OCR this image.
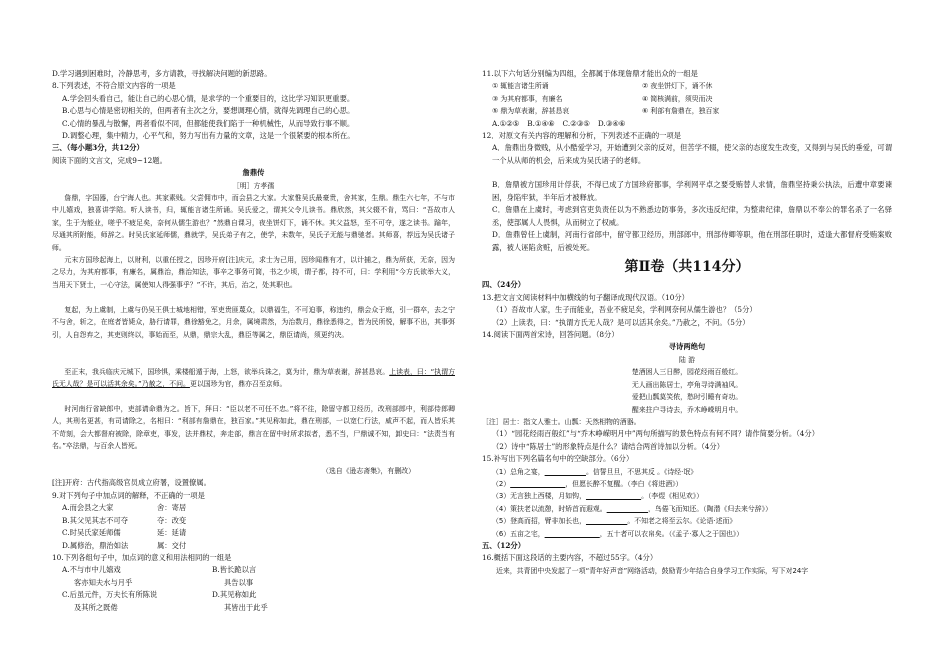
D.学习遇到困难时，冷静思考，多方请教，寻找解决问题的新思路。
8.下列表述，不符合原文内容的一项是
A.学会回头看自己，能让自己的心思心情，是求学的一个重要目的，这比学习知识更重要。
B.心思与心情是密切相关的，但两者有主次之分，要想调理心情，就得先调理自己的心思。
C.心情的暴乱与散懈，两者看似不同，但都能使我们陷于一种机械性，从而导致行事不顺。
D.调整心理，集中精力，心平气和，努力写出有力量的文章，这是一个很紧要的根本所在。
三、（每小题3分，共12分）
阅读下面的文言文，完成9~12题。
詹鼎传
［明］方孝孺
詹鼎，字国器，台宁海人也。其家素贱。父尝佣市中，而会县之大家。大家惟吴氏最豪贵，舍其家，生鼎。鼎生六七年，不与市中儿嬉戏，独喜讲学陪。听人读书，归，辄能言诸生所诵。吴氏爱之，谓其父令儿读书。鼎欣然，其父辍不肯，骂曰：“吾故市人家，生于为能业，嗟乎不疲足矣，奈何从儒生游也？”然鼎自课习，夜坐饼灯下，诵不休。其父益怒，至不可夺，遂之读书。踰年，尽通其所附能，师辞之。时吴氏家延师儒，鼎就学，吴氏弟子有之，使学，未数年，吴氏子无能与鼎驰者。其师喜，荐远为吴氏诸子师。
元末方国珍起海上，以财利，以重任授之，因珍开府[注]庆元，求士为己用，因珍闻鼎有才，以计捕之，鼎为所获，无奈，因为之尽力，为其府都事，有廉名，属鼎治，鼎治知法，事辛之事务可简，书之少顷，谓子都，持不可，曰：学利用“今方氏欲举大义，当用天下贤士，一心守法，属使知人得强事乎？”不许，其后，治之，处其职也。
复起，为上虞制，上虞与仍吴王俱士城地相错，军吏贵匪蔑众，以鼎福生，不可迫事，称违约，鼎会众于庭，引一群卒，去之宁不与舍，斩之，在庭者皆毙众，胁行请罪，鼎徐豁免之，月余，属境肃然，为治数月，鼎徐悉得之，皆为民所悦，解事不出，其事弭引，人自怨弃之，其吏则终以，事始而至，从鼎，鼎宗大乱，鼎臣等属之，鼎臣请尚，须更约决。
至正末，我兵临庆元城下，国珍惧，乘楼船遁于海，上怒，欲举兵诛之，莫为计，鼎为草表谢，辞甚恳哀。上读表，曰：“执谓方氏无人哉？是可以活其余矣。”乃赦之，不问。更以国珍为官，鼎亦召至京师。
时河南行省缺郎中，吏部请命鼎为之。旨下，拜曰：“臣以老不可任不忠。”将不往，除留守都卫经历，改刑部郎中，利部侍郎卿人，其刑名更甚，有司请除之，名相曰：“利部有詹鼎在，独百家。”其见称如此，鼎在刑部，一以宽仁行法，威声不起，而人皆乐其不苛刻，会大都督府被除，除章吏，事发，法并鼎杖，奔走部，鼎言在留中时所求拟者，悉不当，尸鼎诚不知，卸史曰：“法责当有名。”卒法鼎，与百余人皆死。
（选自《逊志斋集》，有删改）
[注]开府：古代指高级官员成立府署，设置僚属。
9.对下列句子中加点词的解释，不正确的一项是
A.而会县之大家	舍：寄居
B.其父见其志不可夺	夺：改变
C.时吴氏家延师儒	延：延请
D.属修治，鼎治如法	属：交付
10.下列各组句子中，加点词的意义和用法相同的一组是
A.不与市中儿嬉戏	B.皆长跪以言
客亦知夫水与月乎	具告以事
C.后虽元件，万夫长有所陈说	D.其见称如此
及其所之既倦	其皆出于此乎
11.以下六句话分别编为四组，全都属于体现詹鼎才能出众的一组是
① 辄能言诸生所诵	② 夜坐饼灯下，诵不休
③ 为其府都事，有廉名	④ 简核满前，须臾而决
⑤ 鼎为草表谢，辞甚恳哀	⑥ 利部有詹鼎在，独百家
A.①②⑤ B.①④⑥ C.②③⑤ D.③④⑥
12．对原文有关内容的理解和分析，下列表述不正确的一项是
A．詹鼎出身微贱，从小酷爱学习，开始遭到父亲的反对，但苦学不辍，使父亲的态度发生改变，又得到与吴氏的垂爱，可谓一个从从师的机会，后来成为吴氏诸子的老师。
B．詹鼎被方国珍用计俘获，不得已成了方国珍府都事，学利网平卓之要受贿替人求情，詹鼎坚持秉公执法，后遭中章要谏困，身陷牢狱，半年后才被释放。
C．詹鼎在上虞时，考虑到官吏负责任以为不熟悉边防事务，多次违反纪律，为整肃纪律，詹鼎以不奉公的罪名杀了一名驿丞，使部属人人畏惧，从而树立了权威。
D．詹鼎曾任上虞制，河南行省郎中，留守都卫经历，刑部郎中，刑部侍卿等职，他在刑部任职时，适逢大都督府受贿案败露，被人诬陷贪赃，后被处死。
第Ⅱ卷（共114分）
四、（24分）
13.把文言文阅读材料中加横线的句子翻译成现代汉语。（10分）
（1）吾故市人家，生子而能业，吾业不疲足矣，学利网奈何从儒生游也？（5分）
（2）上读表，曰：“执谓方氏无人哉？是可以活其余矣。”乃赦之，不问。（5分）
14.阅读下面两首宋诗，回答问题。（8分）
寻诗两绝句
陆 游
楚酒困人三日醉，园花经雨百般红。
无人画出陈居士，亭角寻诗满袖风。
爱把山瓢莫笑侬，愁时引睡有奇功。
醒来拄户寻诗去，乔木峥嵘明月中。
［注］居士：指文人雅士。山瓢：天然相物的酒器。
（1）“园花经雨百般红”与“乔木峥嵘明月中”两句所描写的景色特点有何不同？请作简要分析。（4分）
（2）诗中“陈居士”的形象特点是什么？请结合两首诗加以分析。（4分）
15.补写出下列名篇名句中的空缺部分。（6分）
（1）总角之宴，      	。信誓旦旦，不思其反 。《诗经·氓》
（2）        	，但愿长醉不复醒。（李白《将进酒》）
（3）无言独上西楼，月如钩，        	。（李煜《相见欢》）
（4）策扶老以流憩，时矫首而遐观。      	，鸟倦飞而知还。（陶潜《归去来兮辞》）
（5）登高而招，臂非加长也，      	。不知老之将至云尔。《论语·述而》
（6）五亩之宅，        	，五十者可以衣帛矣。（《孟子·寡人之于国也》）
五、（12分）
16.概括下面这段话的主要内容，不超过55字。（4分）
近来，共青团中央发起了一项“青年好声音”网络活动，鼓励青少年结合自身学习工作实际，写下对24字
